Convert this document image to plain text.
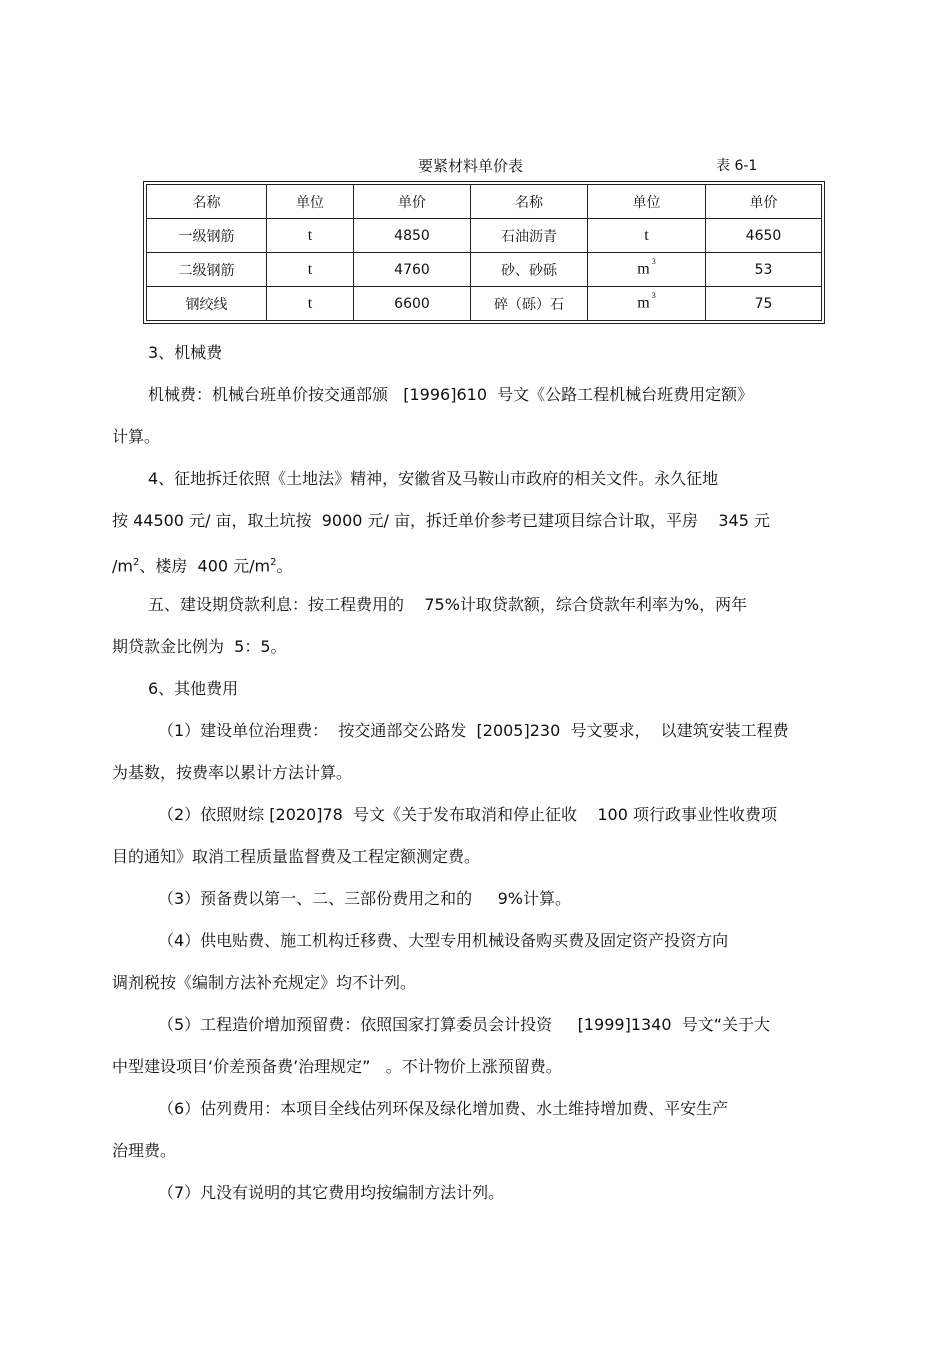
要紧材料单价表	表 6-1
名称	单位	单价	名称	单位	单价
一级钢筋	t	4850	石油沥青	t	4650
二级钢筋	t	4760	砂、砂砾	m $^3$	53
钢绞线	t	6600	碎（砾）石	m $^3$	75
3、机械费
机械费：机械台班单价按交通部颁   [1996]610  号文《公路工程机械台班费用定额》
计算。
4、征地拆迁依照《土地法》精神，安徽省及马鞍山市政府的相关文件。永久征地
按 44500 元/ 亩，取土坑按  9000 元/ 亩，拆迁单价参考已建项目综合计取，平房    345 元
$/m^2$、楼房  400 元$/m^2$。
五、建设期贷款利息：按工程费用的    75%计取贷款额，综合贷款年利率为%，两年
期贷款金比例为  5：5。
6、其他费用
（1）建设单位治理费：  按交通部交公路发  [2005]230  号文要求，  以建筑安装工程费
为基数，按费率以累计方法计算。
（2）依照财综 [2020]78  号文《关于发布取消和停止征收    100 项行政事业性收费项
目的通知》取消工程质量监督费及工程定额测定费。
（3）预备费以第一、二、三部份费用之和的     9%计算。
（4）供电贴费、施工机构迁移费、大型专用机械设备购买费及固定资产投资方向
调剂税按《编制方法补充规定》均不计列。
（5）工程造价增加预留费：依照国家打算委员会计投资     [1999]1340  号文“关于大
中型建设项目‘价差预备费’治理规定”   。不计物价上涨预留费。
（6）估列费用：本项目全线估列环保及绿化增加费、水土维持增加费、平安生产
治理费。
（7）凡没有说明的其它费用均按编制方法计列。
